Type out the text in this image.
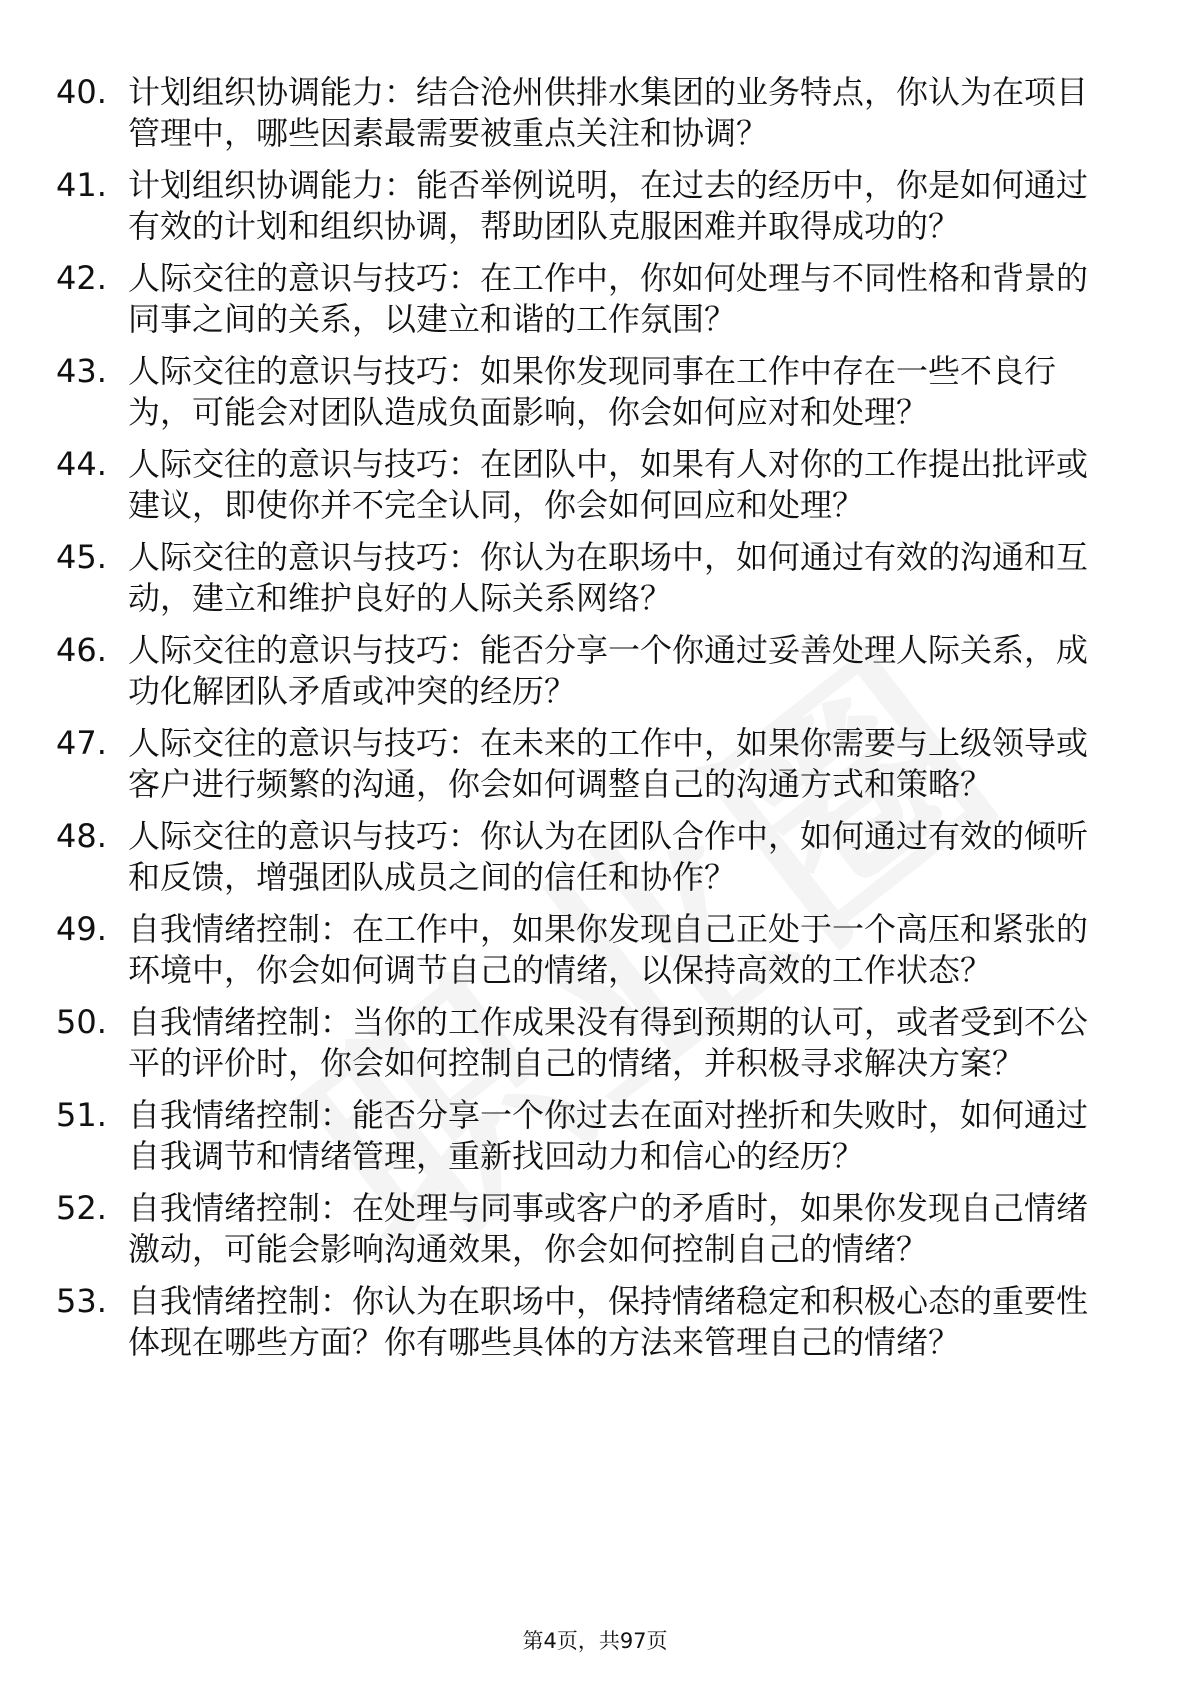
40. 计划组织协调能力：结合沧州供排水集团的业务特点，你认为在项目管理中，哪些因素最需要被重点关注和协调？
41. 计划组织协调能力：能否举例说明，在过去的经历中，你是如何通过有效的计划和组织协调，帮助团队克服困难并取得成功的？
42. 人际交往的意识与技巧：在工作中，你如何处理与不同性格和背景的同事之间的关系，以建立和谐的工作氛围？
43. 人际交往的意识与技巧：如果你发现同事在工作中存在一些不良行为，可能会对团队造成负面影响，你会如何应对和处理？
44. 人际交往的意识与技巧：在团队中，如果有人对你的工作提出批评或建议，即使你并不完全认同，你会如何回应和处理？
45. 人际交往的意识与技巧：你认为在职场中，如何通过有效的沟通和互动，建立和维护良好的人际关系网络？
46. 人际交往的意识与技巧：能否分享一个你通过妥善处理人际关系，成功化解团队矛盾或冲突的经历？
47. 人际交往的意识与技巧：在未来的工作中，如果你需要与上级领导或客户进行频繁的沟通，你会如何调整自己的沟通方式和策略？
48. 人际交往的意识与技巧：你认为在团队合作中，如何通过有效的倾听和反馈，增强团队成员之间的信任和协作？
49. 自我情绪控制：在工作中，如果你发现自己正处于一个高压和紧张的环境中，你会如何调节自己的情绪，以保持高效的工作状态？
50. 自我情绪控制：当你的工作成果没有得到预期的认可，或者受到不公平的评价时，你会如何控制自己的情绪，并积极寻求解决方案？
51. 自我情绪控制：能否分享一个你过去在面对挫折和失败时，如何通过自我调节和情绪管理，重新找回动力和信心的经历？
52. 自我情绪控制：在处理与同事或客户的矛盾时，如果你发现自己情绪激动，可能会影响沟通效果，你会如何控制自己的情绪？
53. 自我情绪控制：你认为在职场中，保持情绪稳定和积极心态的重要性体现在哪些方面？你有哪些具体的方法来管理自己的情绪？
第4页，共97页
